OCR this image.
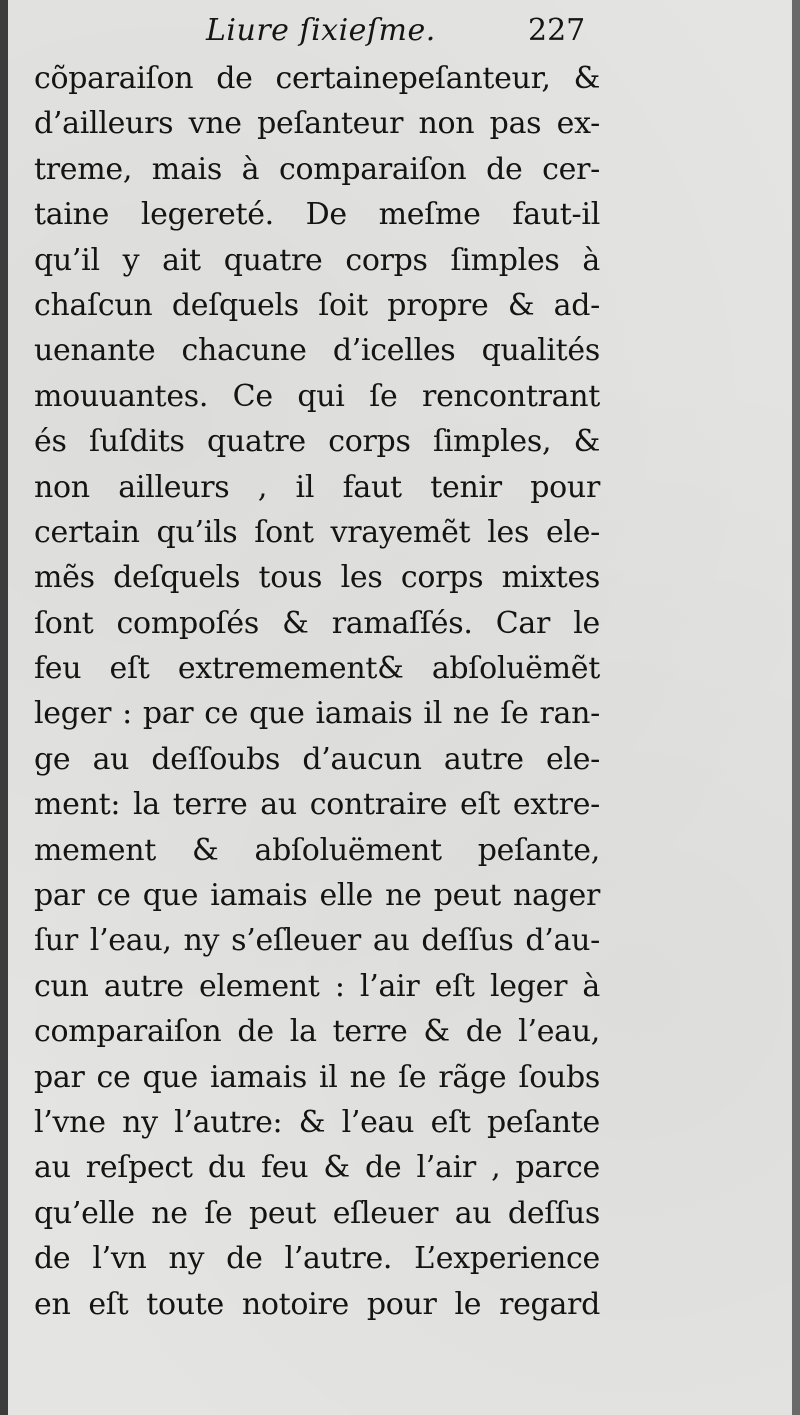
Liure ſixieſme.	227
cõparaiſon de certainepeſanteur, &
d’ailleurs vne peſanteur non pas ex-
treme, mais à comparaiſon de cer-
taine legereté. De meſme faut-il
qu’il y ait quatre corps ſimples à
chaſcun deſquels ſoit propre & ad-
uenante chacune d’icelles qualités
mouuantes. Ce qui ſe rencontrant
és ſuſdits quatre corps ſimples, &
non ailleurs , il faut tenir pour
certain qu’ils ſont vrayemẽt les ele-
mẽs deſquels tous les corps mixtes
ſont compoſés & ramaſſés. Car le
feu eſt extremement& abſoluëmẽt
leger : par ce que iamais il ne ſe ran-
ge au deſſoubs d’aucun autre ele-
ment: la terre au contraire eſt extre-
mement & abſoluëment peſante,
par ce que iamais elle ne peut nager
ſur l’eau, ny s’eſleuer au deſſus d’au-
cun autre element : l’air eſt leger à
comparaiſon de la terre & de l’eau,
par ce que iamais il ne ſe rãge ſoubs
l’vne ny l’autre: & l’eau eſt peſante
au reſpect du feu & de l’air , parce
qu’elle ne ſe peut eſleuer au deſſus
de l’vn ny de l’autre. L’experience
en eſt toute notoire pour le regard
